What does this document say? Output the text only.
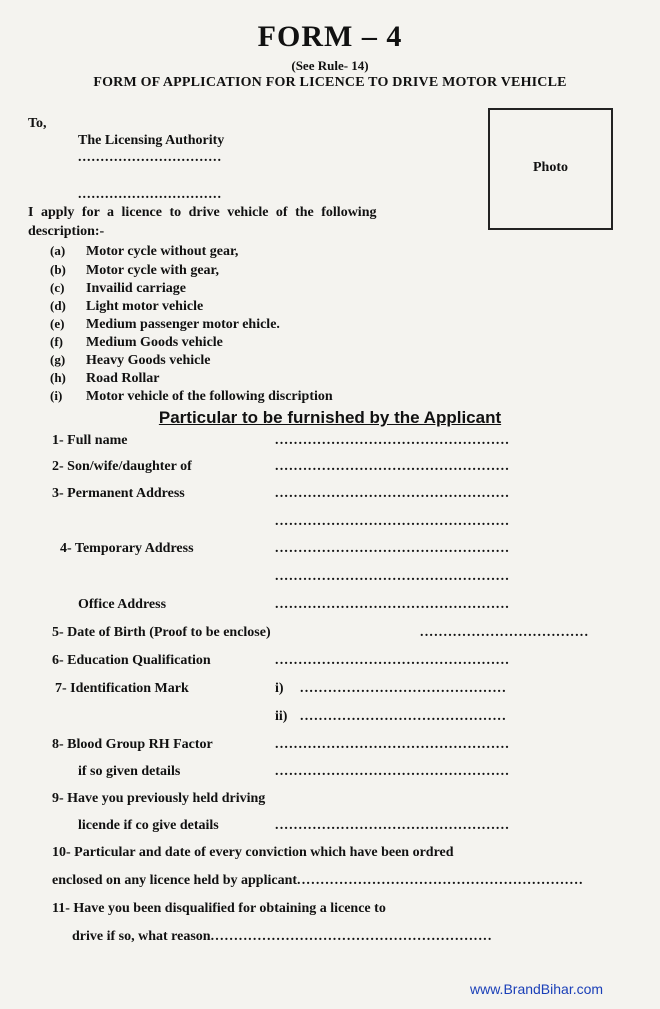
FORM – 4
(See Rule- 14)
FORM OF APPLICATION FOR LICENCE TO DRIVE MOTOR VEHICLE
To,
The Licensing Authority
................................
................................
Photo
I apply for a licence to drive vehicle of the following
description:-
(a) Motor cycle without gear,
(b) Motor cycle with gear,
(c) Invailid carriage
(d) Light motor vehicle
(e) Medium passenger motor ehicle.
(f) Medium Goods vehicle
(g) Heavy Goods vehicle
(h) Road Rollar
(i) Motor vehicle of the following discription
Particular to be furnished by the Applicant
1- Full name	..................................................
2- Son/wife/daughter of	..................................................
3- Permanent Address	..................................................
..................................................
4- Temporary Address	..................................................
..................................................
Office Address	..................................................
5- Date of Birth (Proof to be enclose)	....................................
6- Education Qualification	..................................................
7- Identification Mark	i) ............................................
ii) ............................................
8- Blood Group RH Factor	..................................................
if so given details	..................................................
9- Have you previously held driving
licende if co give details	..................................................
10- Particular and date of every conviction which have been ordred
enclosed on any licence held by applicant.............................................................
11- Have you been disqualified for obtaining a licence to
drive if so, what reason............................................................
www.BrandBihar.com
